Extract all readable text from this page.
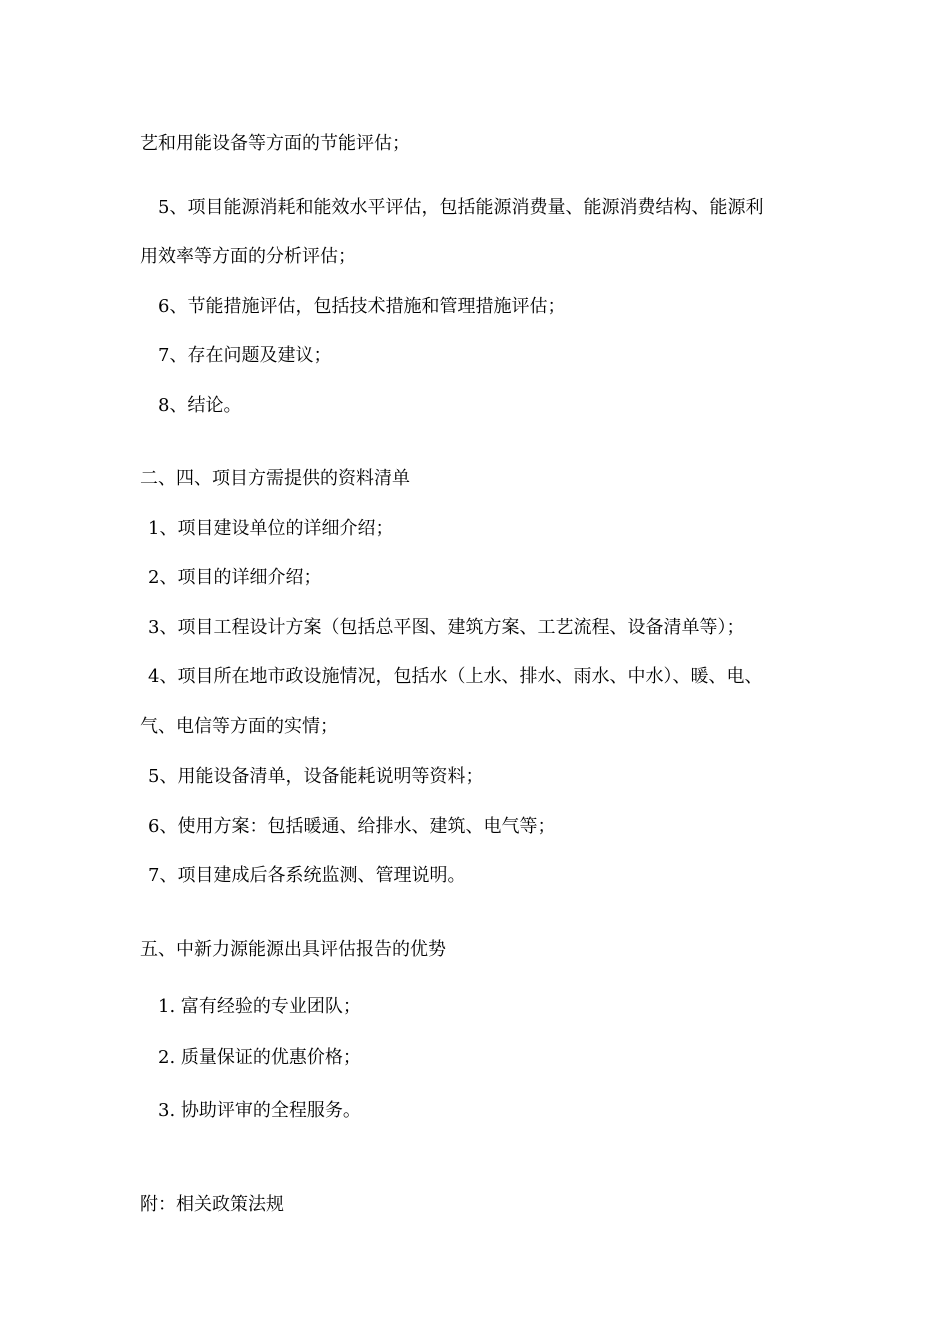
艺和用能设备等方面的节能评估；
5、项目能源消耗和能效水平评估，包括能源消费量、能源消费结构、能源利
用效率等方面的分析评估；
6、节能措施评估，包括技术措施和管理措施评估；
7、存在问题及建议；
8、结论。
二、四、项目方需提供的资料清单
1、项目建设单位的详细介绍；
2、项目的详细介绍；
3、项目工程设计方案（包括总平图、建筑方案、工艺流程、设备清单等）；
4、项目所在地市政设施情况，包括水（上水、排水、雨水、中水）、暖、电、
气、电信等方面的实情；
5、用能设备清单，设备能耗说明等资料；
6、使用方案：包括暖通、给排水、建筑、电气等；
7、项目建成后各系统监测、管理说明。
五、中新力源能源出具评估报告的优势
1. 富有经验的专业团队；
2. 质量保证的优惠价格；
3. 协助评审的全程服务。
附：相关政策法规
